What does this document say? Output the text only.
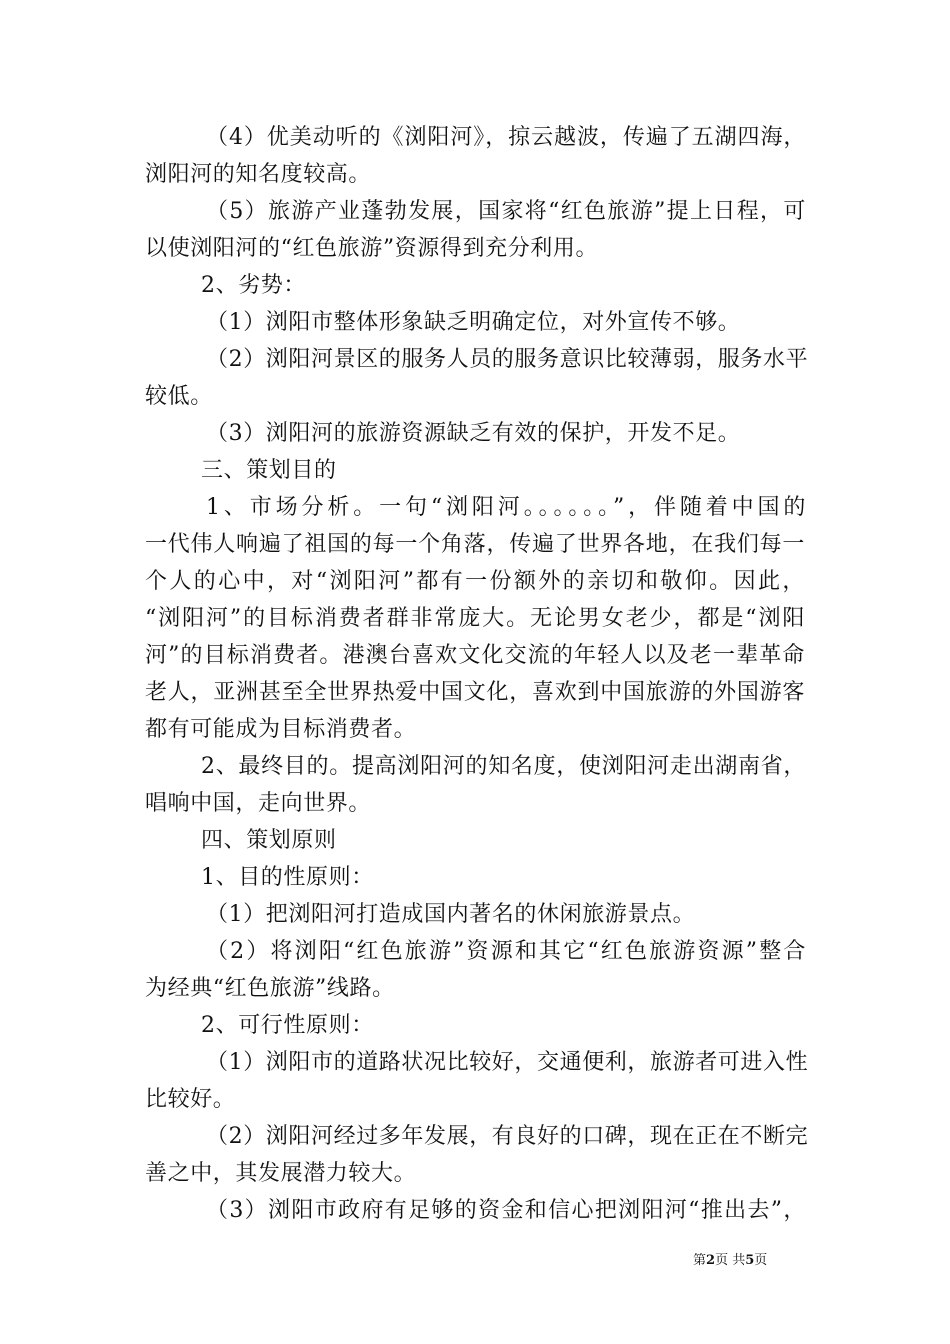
（4）优美动听的《浏阳河》，掠云越波，传遍了五湖四海，
浏阳河的知名度较高。
（5）旅游产业蓬勃发展，国家将“红色旅游”提上日程，可
以使浏阳河的“红色旅游”资源得到充分利用。
2、劣势：
（1）浏阳市整体形象缺乏明确定位，对外宣传不够。
（2）浏阳河景区的服务人员的服务意识比较薄弱，服务水平
较低。
（3）浏阳河的旅游资源缺乏有效的保护，开发不足。
三、策划目的
1、市场分析。一句“浏阳河。。。。。。”，伴随着中国的
一代伟人响遍了祖国的每一个角落，传遍了世界各地，在我们每一
个人的心中，对“浏阳河”都有一份额外的亲切和敬仰。因此，
“浏阳河”的目标消费者群非常庞大。无论男女老少，都是“浏阳
河”的目标消费者。港澳台喜欢文化交流的年轻人以及老一辈革命
老人，亚洲甚至全世界热爱中国文化，喜欢到中国旅游的外国游客
都有可能成为目标消费者。
2、最终目的。提高浏阳河的知名度，使浏阳河走出湖南省，
唱响中国，走向世界。
四、策划原则
1、目的性原则：
（1）把浏阳河打造成国内著名的休闲旅游景点。
（2）将浏阳“红色旅游”资源和其它“红色旅游资源”整合
为经典“红色旅游”线路。
2、可行性原则：
（1）浏阳市的道路状况比较好，交通便利，旅游者可进入性
比较好。
（2）浏阳河经过多年发展，有良好的口碑，现在正在不断完
善之中，其发展潜力较大。
（3）浏阳市政府有足够的资金和信心把浏阳河“推出去”，
第2页 共5页
